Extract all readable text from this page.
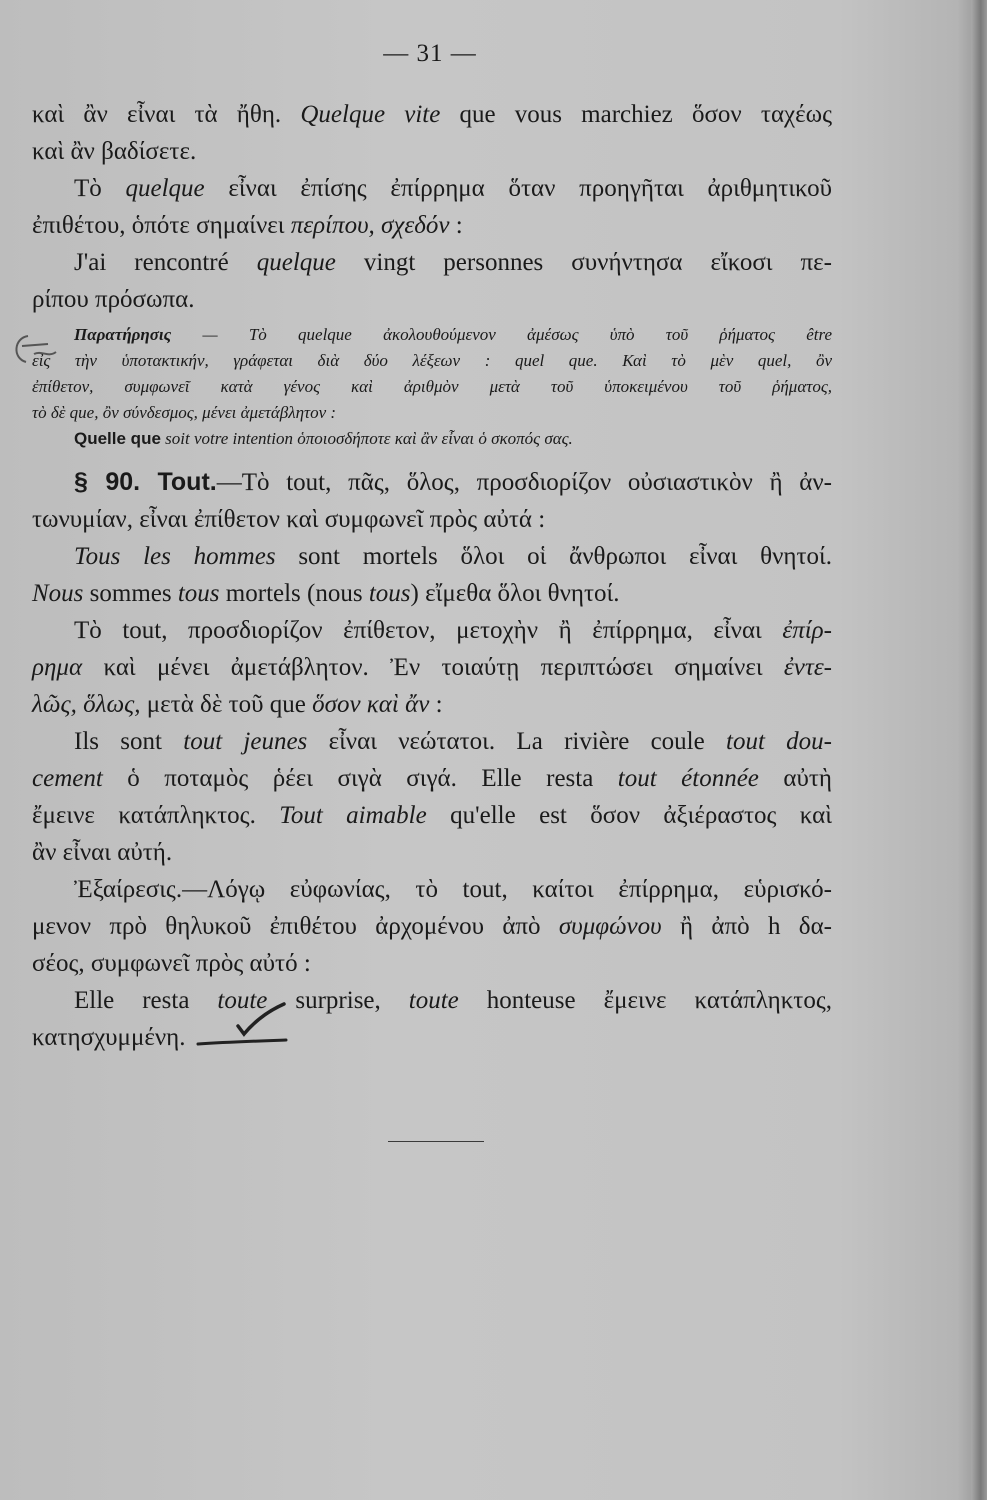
— 31 —
καὶ ἂν εἶναι τὰ ἤθη. Quelque vite que vous marchiez ὅσον ταχέως
καὶ ἂν βαδίσετε.
Τὸ quelque εἶναι ἐπίσης ἐπίρρημα ὅταν προηγῆται ἀριθμητικοῦ
ἐπιθέτου, ὁπότε σημαίνει περίπου, σχεδόν :
J'ai rencontré quelque vingt personnes συνήντησα εἴκοσι πε-
ρίπου πρόσωπα.
Παρατήρησις — Τὸ quelque ἀκολουθούμενον ἀμέσως ὑπὸ τοῦ ῥήματος être
εἰς τὴν ὑποτακτικήν, γράφεται διὰ δύο λέξεων : quel que. Καὶ τὸ μὲν quel, ὂν
ἐπίθετον, συμφωνεῖ κατὰ γένος καὶ ἀριθμὸν μετὰ τοῦ ὑποκειμένου τοῦ ῥήματος,
τὸ δὲ que, ὂν σύνδεσμος, μένει ἀμετάβλητον :
Quelle que soit votre intention ὁποιοσδήποτε καὶ ἂν εἶναι ὁ σκοπός σας.
§ 90. Tout.—Τὸ tout, πᾶς, ὅλος, προσδιορίζον οὐσιαστικὸν ἢ ἀν-
τωνυμίαν, εἶναι ἐπίθετον καὶ συμφωνεῖ πρὸς αὐτά :
Tous les hommes sont mortels ὅλοι οἱ ἄνθρωποι εἶναι θνητοί.
Nous sommes tous mortels (nous tous) εἴμεθα ὅλοι θνητοί.
Τὸ tout, προσδιορίζον ἐπίθετον, μετοχὴν ἢ ἐπίρρημα, εἶναι ἐπίρ-
ρημα καὶ μένει ἀμετάβλητον. Ἐν τοιαύτῃ περιπτώσει σημαίνει ἐντε-
λῶς, ὅλως, μετὰ δὲ τοῦ que ὅσον καὶ ἄν :
Ils sont tout jeunes εἶναι νεώτατοι. La rivière coule tout dou-
cement ὁ ποταμὸς ῥέει σιγὰ σιγά. Elle resta tout étonnée αὐτὴ
ἔμεινε κατάπληκτος. Tout aimable qu'elle est ὅσον ἀξιέραστος καὶ
ἂν εἶναι αὐτή.
Ἐξαίρεσις.—Λόγῳ εὐφωνίας, τὸ tout, καίτοι ἐπίρρημα, εὑρισκό-
μενον πρὸ θηλυκοῦ ἐπιθέτου ἀρχομένου ἀπὸ συμφώνου ἢ ἀπὸ h δα-
σέος, συμφωνεῖ πρὸς αὐτό :
Elle resta toute surprise, toute honteuse ἔμεινε κατάπληκτος,
κατησχυμμένη.
